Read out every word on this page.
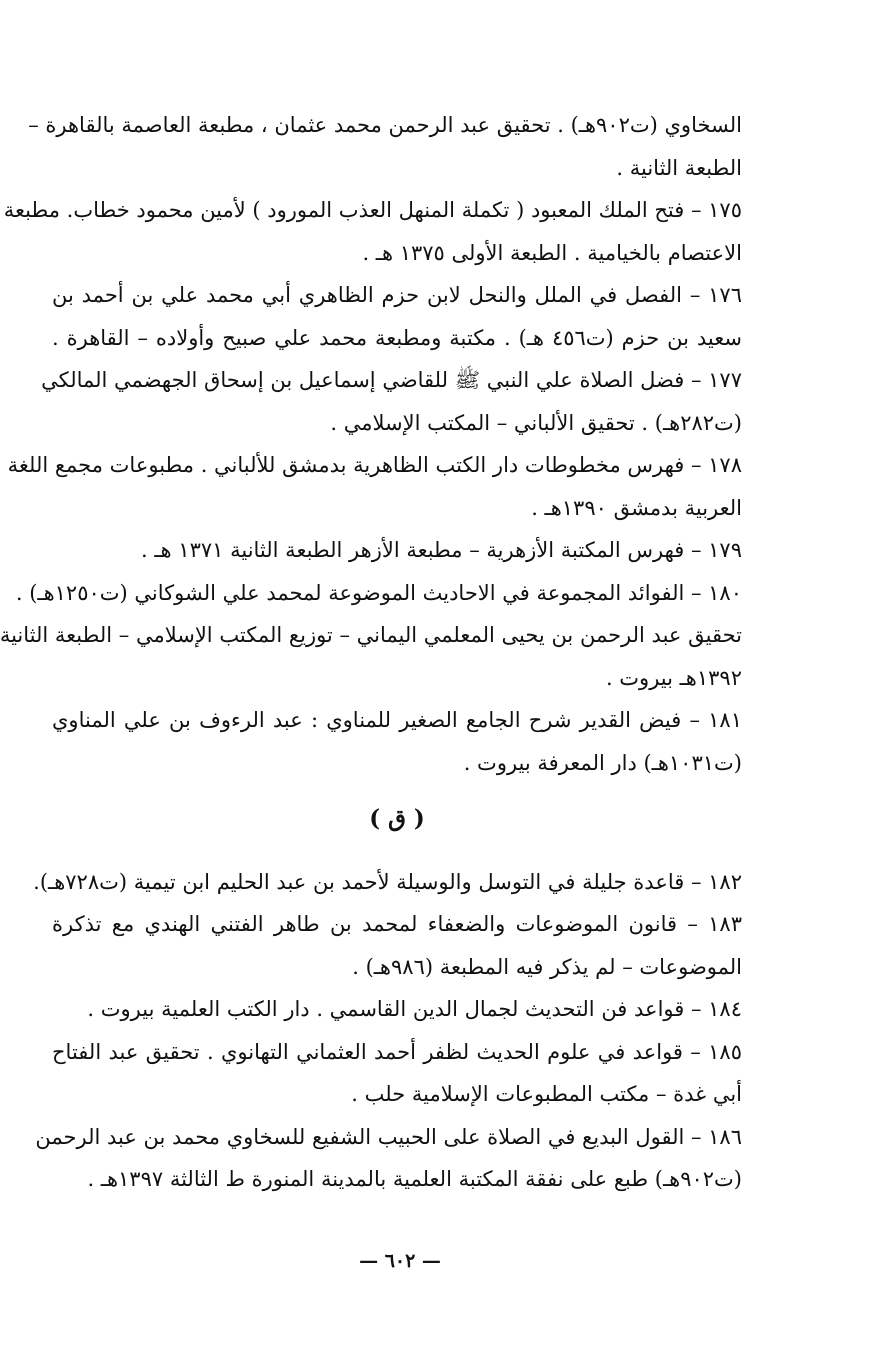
السخاوي (ت٩٠٢هـ) . تحقيق عبد الرحمن محمد عثمان ، مطبعة العاصمة بالقاهرة –
الطبعة الثانية .
١٧٥ – فتح الملك المعبود ( تكملة المنهل العذب المورود ) لأمين محمود خطاب. مطبعة
الاعتصام بالخيامية . الطبعة الأولى ١٣٧٥ هـ .
١٧٦ – الفصل في الملل والنحل لابن حزم الظاهري أبي محمد علي بن أحمد بن
سعيد بن حزم (ت٤٥٦ هـ) . مكتبة ومطبعة محمد علي صبيح وأولاده – القاهرة .
١٧٧ – فضل الصلاة علي النبي ﷺ للقاضي إسماعيل بن إسحاق الجهضمي المالكي
(ت٢٨٢هـ) . تحقيق الألباني – المكتب الإسلامي .
١٧٨ – فهرس مخطوطات دار الكتب الظاهرية بدمشق للألباني . مطبوعات مجمع اللغة
العربية بدمشق ١٣٩٠هـ .
١٧٩ – فهرس المكتبة الأزهرية – مطبعة الأزهر الطبعة الثانية ١٣٧١ هـ .
١٨٠ – الفوائد المجموعة في الاحاديث الموضوعة لمحمد علي الشوكاني (ت١٢٥٠هـ) .
تحقيق عبد الرحمن بن يحيى المعلمي اليماني – توزيع المكتب الإسلامي – الطبعة الثانية
١٣٩٢هـ بيروت .
١٨١ – فيض القدير شرح الجامع الصغير للمناوي : عبد الرءوف بن علي المناوي
(ت١٠٣١هـ) دار المعرفة بيروت .
( ق )
١٨٢ – قاعدة جليلة في التوسل والوسيلة لأحمد بن عبد الحليم ابن تيمية (ت٧٢٨هـ).
١٨٣ – قانون الموضوعات والضعفاء لمحمد بن طاهر الفتني الهندي مع تذكرة
الموضوعات – لم يذكر فيه المطبعة (٩٨٦هـ) .
١٨٤ – قواعد فن التحديث لجمال الدين القاسمي . دار الكتب العلمية بيروت .
١٨٥ – قواعد في علوم الحديث لظفر أحمد العثماني التهانوي . تحقيق عبد الفتاح
أبي غدة – مكتب المطبوعات الإسلامية حلب .
١٨٦ – القول البديع في الصلاة على الحبيب الشفيع للسخاوي محمد بن عبد الرحمن
(ت٩٠٢هـ) طبع على نفقة المكتبة العلمية بالمدينة المنورة ط الثالثة ١٣٩٧هـ .
— ٦٠٢ —
